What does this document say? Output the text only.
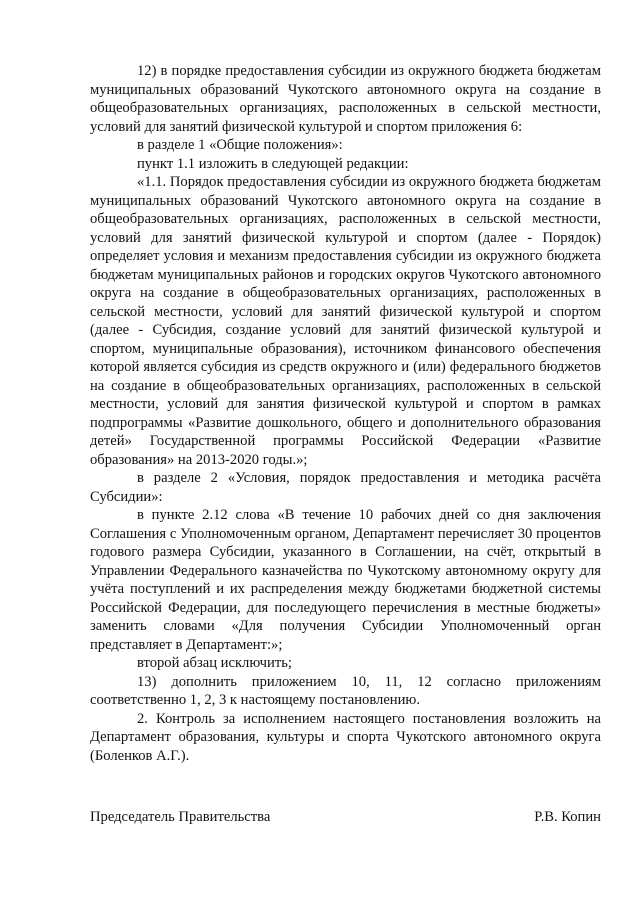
12) в порядке предоставления субсидии из окружного бюджета бюджетам муниципальных образований Чукотского автономного округа на создание в общеобразовательных организациях, расположенных в сельской местности, условий для занятий физической культурой и спортом приложения 6:

в разделе 1 «Общие положения»:

пункт 1.1 изложить в следующей редакции:

«1.1. Порядок предоставления субсидии из окружного бюджета бюджетам муниципальных образований Чукотского автономного округа на создание в общеобразовательных организациях, расположенных в сельской местности, условий для занятий физической культурой и спортом (далее - Порядок) определяет условия и механизм предоставления субсидии из окружного бюджета бюджетам муниципальных районов и городских округов Чукотского автономного округа на создание в общеобразовательных организациях, расположенных в сельской местности, условий для занятий физической культурой и спортом (далее - Субсидия, создание условий для занятий физической культурой и спортом, муниципальные образования), источником финансового обеспечения которой является субсидия из средств окружного и (или) федерального бюджетов на создание в общеобразовательных организациях, расположенных в сельской местности, условий для занятия физической культурой и спортом в рамках подпрограммы «Развитие дошкольного, общего и дополнительного образования детей» Государственной программы Российской Федерации «Развитие образования» на 2013-2020 годы.»;

в разделе 2 «Условия, порядок предоставления и методика расчёта Субсидии»:

в пункте 2.12 слова «В течение 10 рабочих дней со дня заключения Соглашения с Уполномоченным органом, Департамент перечисляет 30 процентов годового размера Субсидии, указанного в Соглашении, на счёт, открытый в Управлении Федерального казначейства по Чукотскому автономному округу для учёта поступлений и их распределения между бюджетами бюджетной системы Российской Федерации, для последующего перечисления в местные бюджеты» заменить словами «Для получения Субсидии Уполномоченный орган представляет в Департамент:»;

второй абзац исключить;

13) дополнить приложением 10, 11, 12 согласно приложениям соответственно 1, 2, 3 к настоящему постановлению.

2. Контроль за исполнением настоящего постановления возложить на Департамент образования, культуры и спорта Чукотского автономного округа (Боленков А.Г.).

Председатель Правительства	Р.В. Копин
